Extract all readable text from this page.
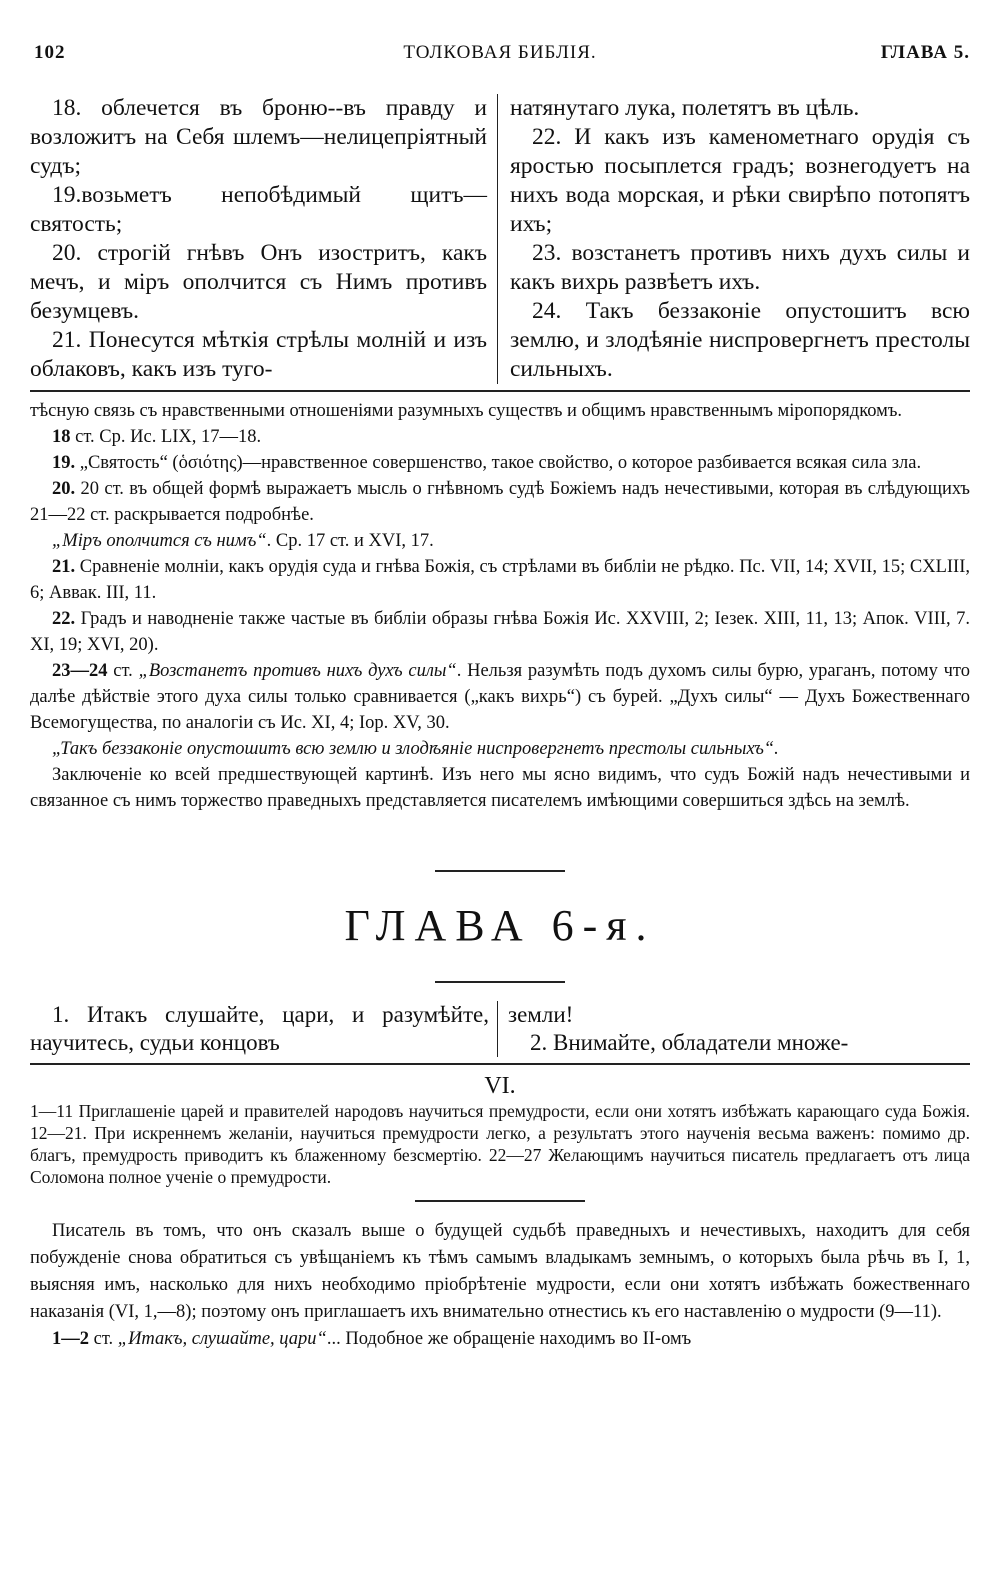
102	ТОЛКОВАЯ БИБЛІЯ.	ГЛАВА 5.

18. облечется въ броню--въ правду и возложитъ на Себя шлемъ—нелицепріятный судъ;

19.возьметъ непобѣдимый щитъ—святость;

20. строгій гнѣвъ Онъ изостритъ, какъ мечъ, и міръ ополчится съ Нимъ противъ безумцевъ.

21. Понесутся мѣткія стрѣлы молній и изъ облаковъ, какъ изъ туго-

натянутаго лука, полетятъ въ цѣль.

22. И какъ изъ каменометнаго орудія съ яростью посыплется градъ; вознегодуетъ на нихъ вода морская, и рѣки свирѣпо потопятъ ихъ;

23. возстанетъ противъ нихъ духъ силы и какъ вихрь развѣетъ ихъ.

24. Такъ беззаконіе опустошитъ всю землю, и злодѣяніе ниспровергнетъ престолы сильныхъ.

тѣсную связь съ нравственными отношеніями разумныхъ существъ и общимъ нравственнымъ міропорядкомъ.

18 ст. Ср. Ис. LIX, 17—18.

19. „Святость“ (ὁσιότης)—нравственное совершенство, такое свойство, о которое разбивается всякая сила зла.

20. 20 ст. въ общей формѣ выражаетъ мысль о гнѣвномъ судѣ Божіемъ надъ нечестивыми, которая въ слѣдующихъ 21—22 ст. раскрывается подробнѣе.

„Міръ ополчится съ нимъ“. Ср. 17 ст. и XVI, 17.

21. Сравненіе молніи, какъ орудія суда и гнѣва Божія, съ стрѣлами въ библіи не рѣдко. Пс. VII, 14; XVII, 15; CXLIII, 6; Аввак. III, 11.

22. Градъ и наводненіе также частые въ библіи образы гнѣва Божія Ис. XXVIII, 2; Іезек. XIII, 11, 13; Апок. VIII, 7. XI, 19; XVI, 20).

23—24 ст. „Возстанетъ противъ нихъ духъ силы“. Нельзя разумѣть подъ духомъ силы бурю, ураганъ, потому что далѣе дѣйствіе этого духа силы только сравнивается („какъ вихрь“) съ бурей. „Духъ силы“ — Духъ Божественнаго Всемогущества, по аналогіи съ Ис. XI, 4; Іор. XV, 30.

„Такъ беззаконіе опустошитъ всю землю и злодѣяніе ниспровергнетъ престолы сильныхъ“.

Заключеніе ко всей предшествующей картинѣ. Изъ него мы ясно видимъ, что судъ Божій надъ нечестивыми и связанное съ нимъ торжество праведныхъ представляется писателемъ имѣющими совершиться здѣсь на землѣ.

ГЛАВА 6-я.

1. Итакъ слушайте, цари, и разумѣйте, научитесь, судьи концовъ

земли!

2. Внимайте, обладатели множе-

VI.

1—11 Приглашеніе царей и правителей народовъ научиться премудрости, если они хотятъ избѣжать карающаго суда Божія. 12—21. При искреннемъ желаніи, научиться премудрости легко, а результатъ этого наученія весьма важенъ: помимо др. благъ, премудрость приводитъ къ блаженному безсмертію. 22—27 Желающимъ научиться писатель предлагаетъ отъ лица Соломона полное ученіе о премудрости.

Писатель въ томъ, что онъ сказалъ выше о будущей судьбѣ праведныхъ и нечестивыхъ, находитъ для себя побужденіе снова обратиться съ увѣщаніемъ къ тѣмъ самымъ владыкамъ земнымъ, о которыхъ была рѣчь въ I, 1, выясняя имъ, насколько для нихъ необходимо пріобрѣтеніе мудрости, если они хотятъ избѣжать божественнаго наказанія (VI, 1,—8); поэтому онъ приглашаетъ ихъ внимательно отнестись къ его наставленію о мудрости (9—11).

1—2 ст. „Итакъ, слушайте, цари“... Подобное же обращеніе находимъ во II-омъ
